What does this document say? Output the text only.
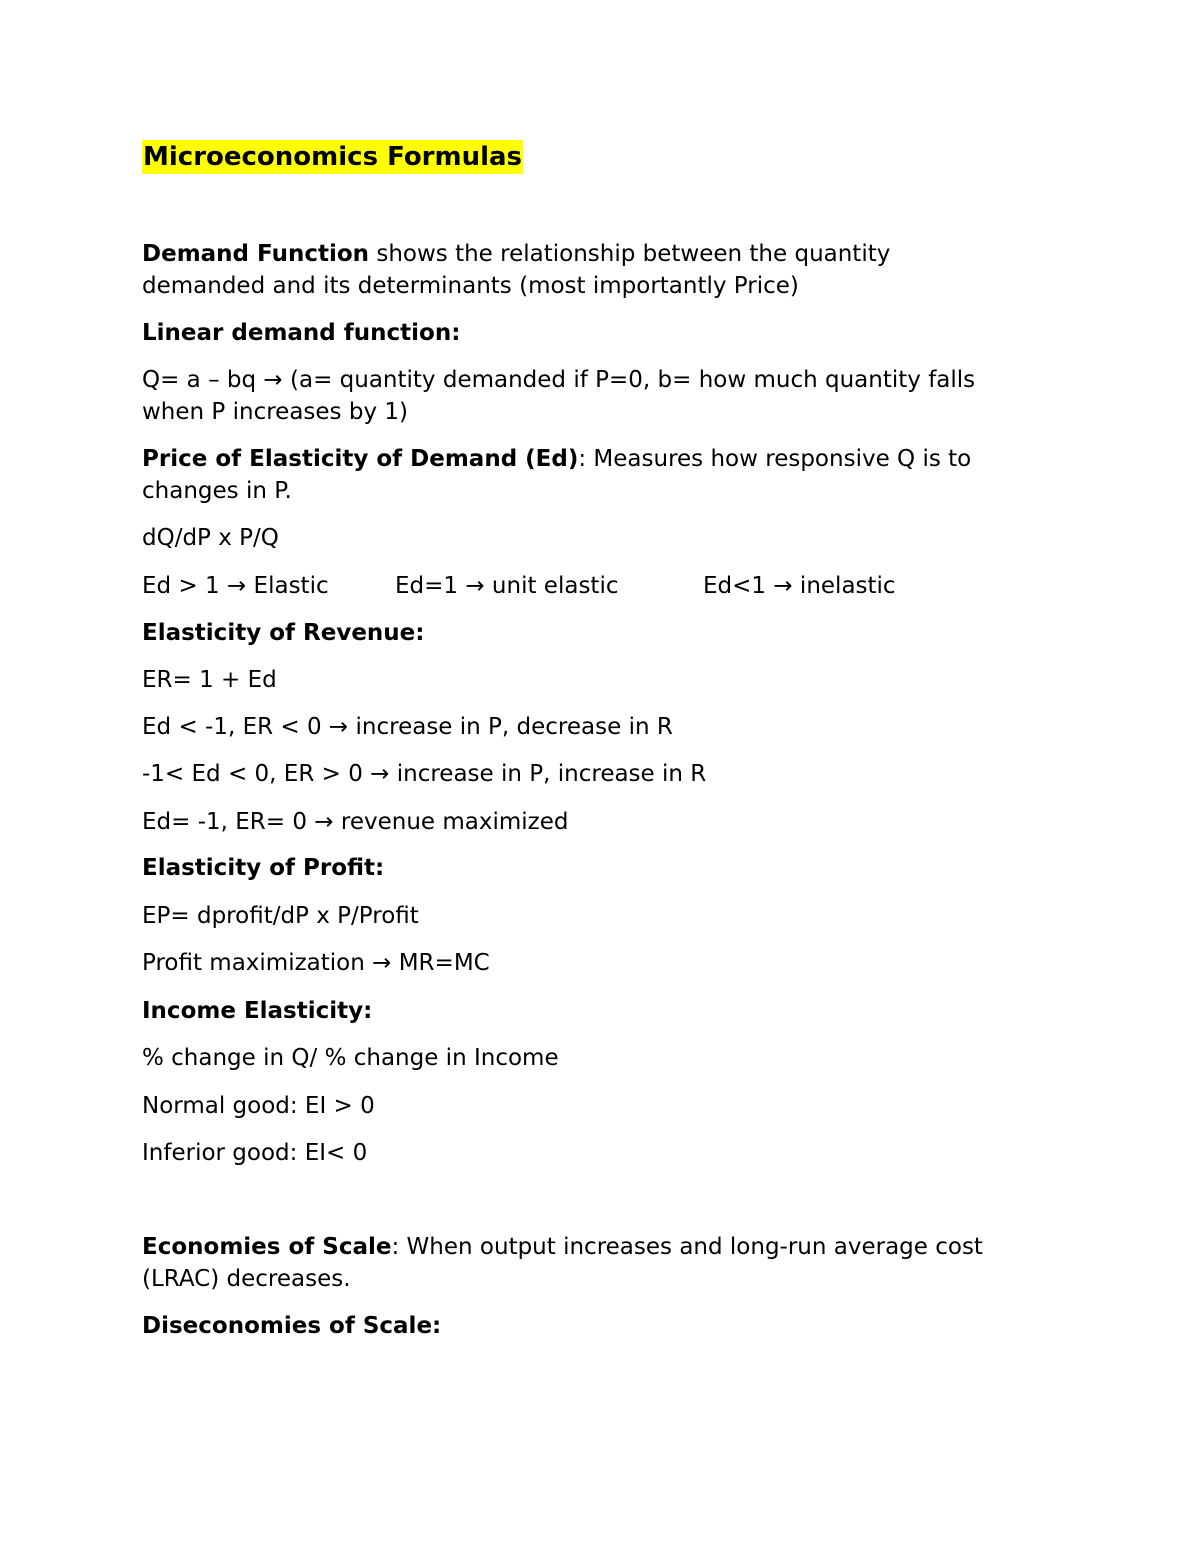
Microeconomics Formulas
Demand Function shows the relationship between the quantity
demanded and its determinants (most importantly Price)
Linear demand function:
Q= a – bq → (a= quantity demanded if P=0, b= how much quantity falls
when P increases by 1)
Price of Elasticity of Demand (Ed): Measures how responsive Q is to
changes in P.
dQ/dP x P/Q
Ed > 1 → Elastic	Ed=1 → unit elastic	Ed<1 → inelastic
Elasticity of Revenue:
ER= 1 + Ed
Ed < -1, ER < 0 → increase in P, decrease in R
-1< Ed < 0, ER > 0 → increase in P, increase in R
Ed= -1, ER= 0 → revenue maximized
Elasticity of Profit:
EP= dprofit/dP x P/Profit
Profit maximization → MR=MC
Income Elasticity:
% change in Q/ % change in Income
Normal good: EI > 0
Inferior good: EI< 0
Economies of Scale: When output increases and long-run average cost
(LRAC) decreases.
Diseconomies of Scale:
